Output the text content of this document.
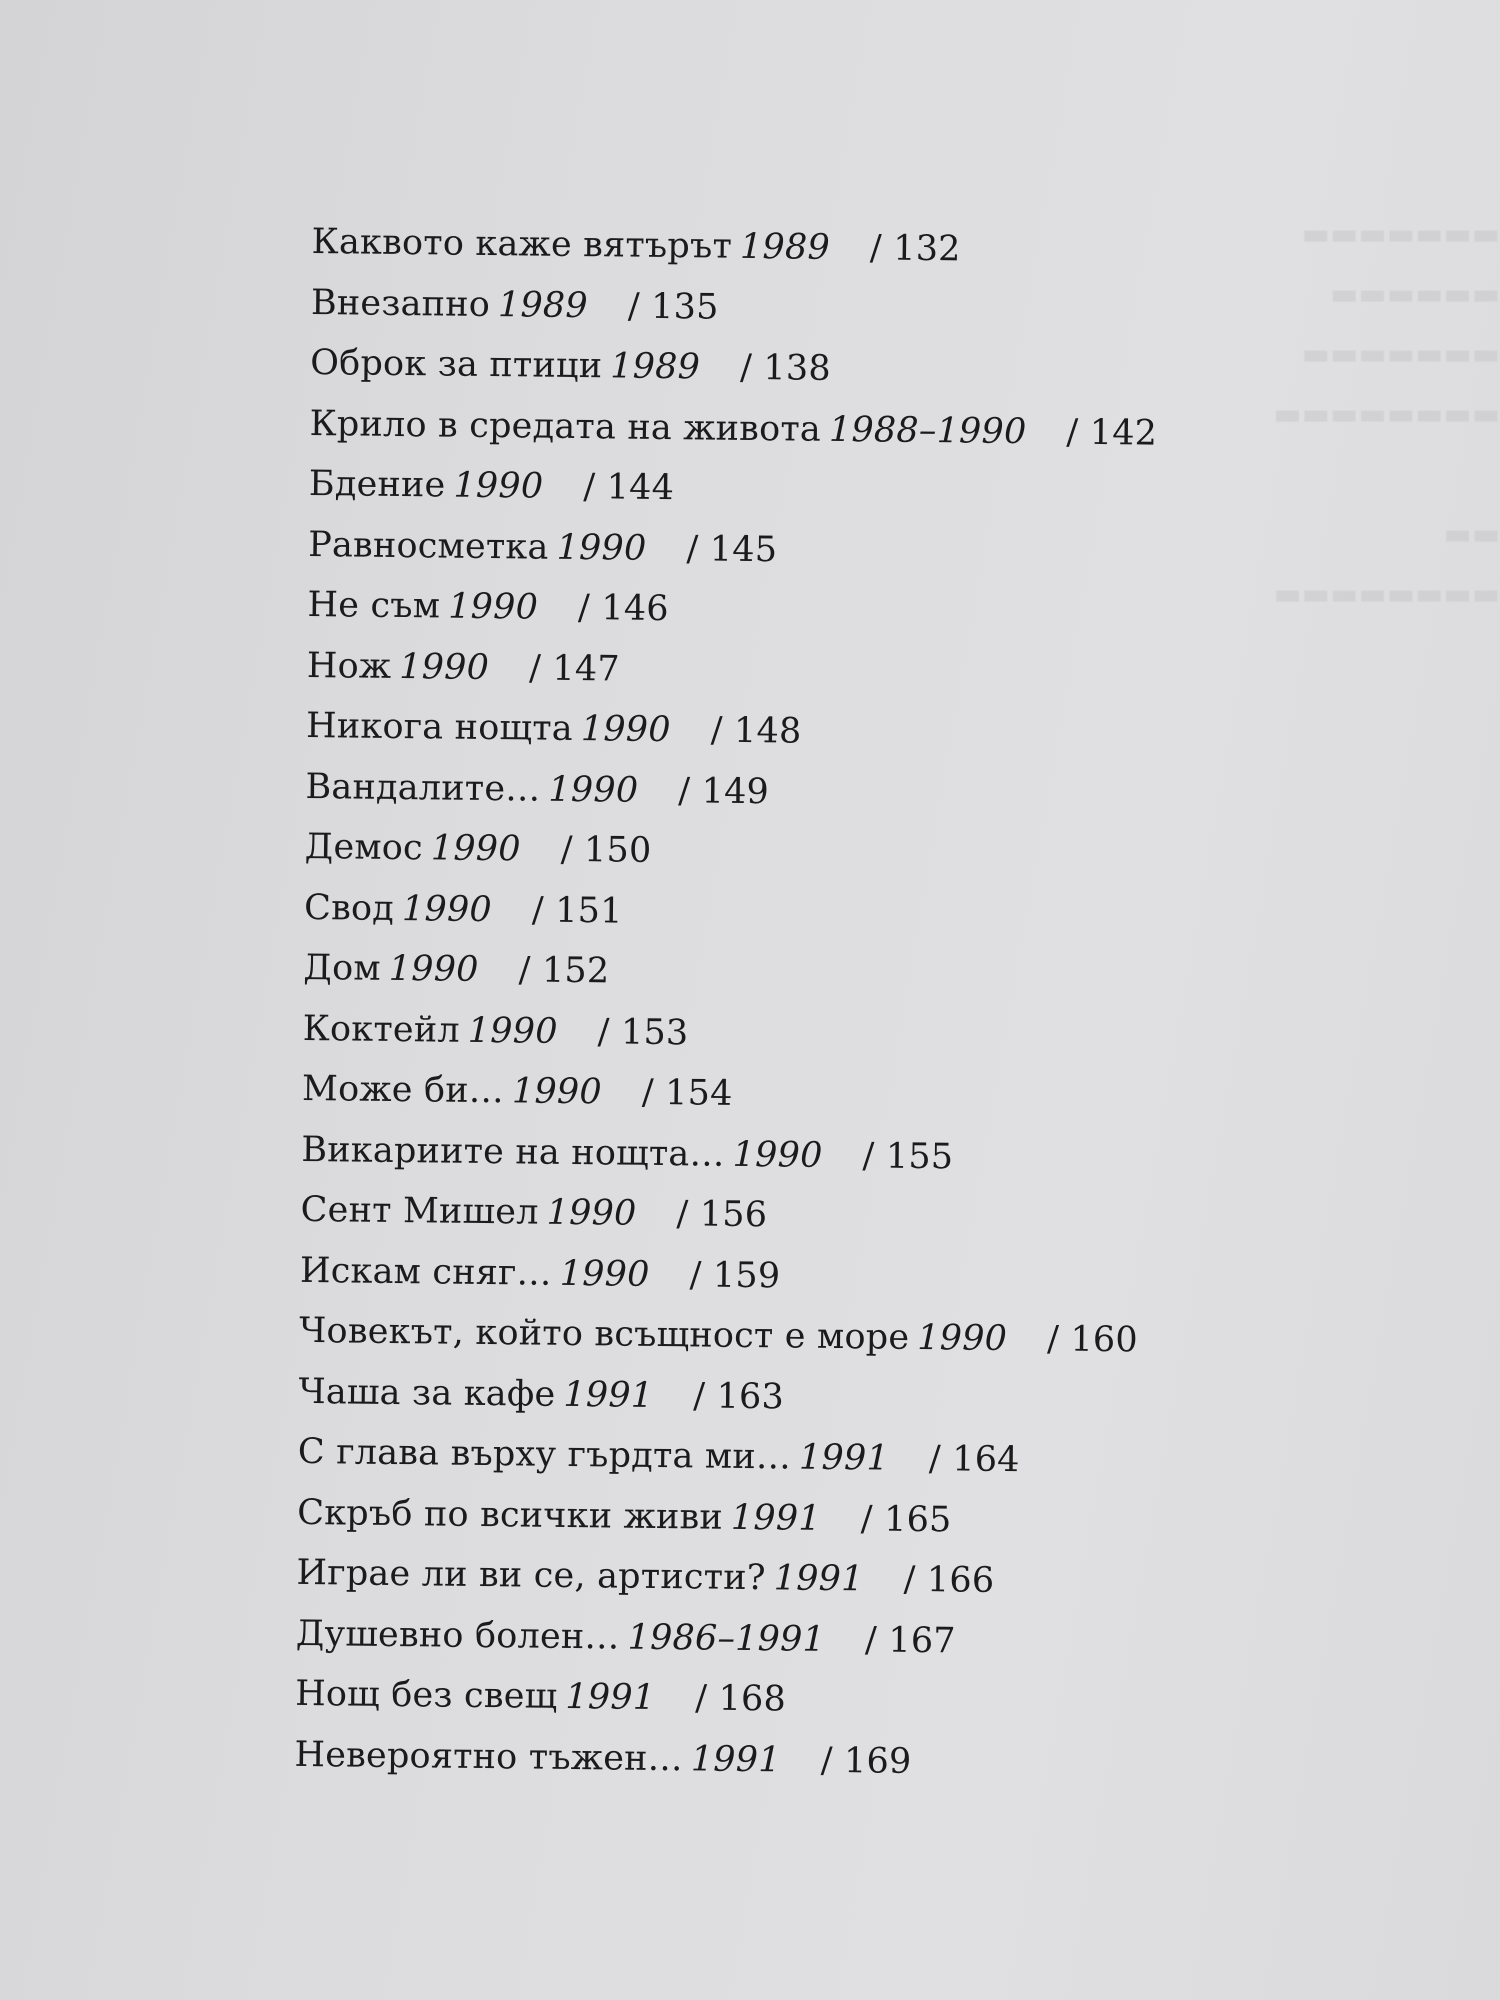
▬▬▬▬▬▬▬
▬▬▬▬▬▬
▬▬▬▬▬▬▬
▬▬▬▬▬▬▬▬

▬▬
▬▬▬▬▬▬▬▬
Каквото каже вятърът 1989 / 132
Внезапно 1989 / 135
Оброк за птици 1989 / 138
Крило в средата на живота 1988–1990 / 142
Бдение 1990 / 144
Равносметка 1990 / 145
Не съм 1990 / 146
Нож 1990 / 147
Никога нощта 1990 / 148
Вандалите… 1990 / 149
Демос 1990 / 150
Свод 1990 / 151
Дом 1990 / 152
Коктейл 1990 / 153
Може би… 1990 / 154
Викариите на нощта… 1990 / 155
Сент Мишел 1990 / 156
Искам сняг… 1990 / 159
Човекът, който всъщност е море 1990 / 160
Чаша за кафе 1991 / 163
С глава върху гърдта ми… 1991 / 164
Скръб по всички живи 1991 / 165
Играе ли ви се, артисти? 1991 / 166
Душевно болен… 1986–1991 / 167
Нощ без свещ 1991 / 168
Невероятно тъжен… 1991 / 169
